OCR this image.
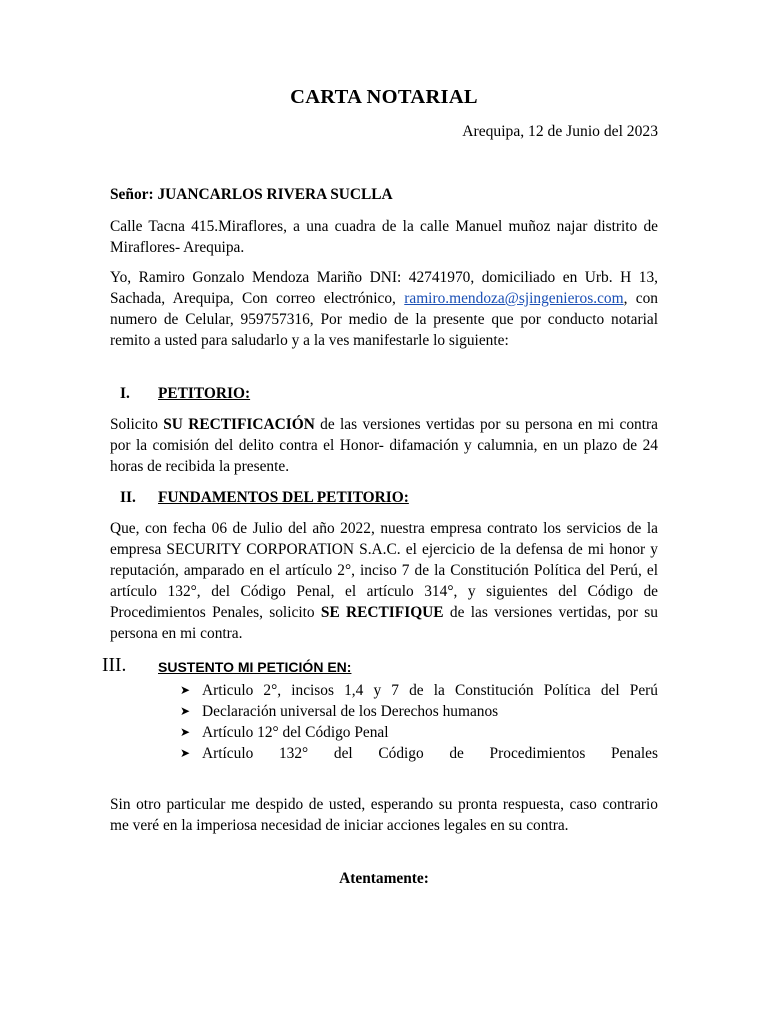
CARTA NOTARIAL
Arequipa, 12 de Junio del 2023
Señor: JUANCARLOS RIVERA SUCLLA
Calle Tacna 415.Miraflores, a una cuadra de la calle Manuel muñoz najar distrito de Miraflores- Arequipa.
Yo, Ramiro Gonzalo Mendoza Mariño DNI: 42741970, domiciliado en Urb. H 13, Sachada, Arequipa, Con correo electrónico, ramiro.mendoza@sjingenieros.com, con numero de Celular, 959757316, Por medio de la presente que por conducto notarial remito a usted para saludarlo y a la ves manifestarle lo siguiente:
I. PETITORIO:
Solicito SU RECTIFICACIÓN de las versiones vertidas por su persona en mi contra por la comisión del delito contra el Honor- difamación y calumnia, en un plazo de 24 horas de recibida la presente.
II. FUNDAMENTOS DEL PETITORIO:
Que, con fecha 06 de Julio del año 2022, nuestra empresa contrato los servicios de la empresa SECURITY CORPORATION S.A.C. el ejercicio de la defensa de mi honor y reputación, amparado en el artículo 2°, inciso 7 de la Constitución Política del Perú, el artículo 132°, del Código Penal, el artículo 314°, y siguientes del Código de Procedimientos Penales, solicito SE RECTIFIQUE de las versiones vertidas, por su persona en mi contra.
III. SUSTENTO MI PETICIÓN EN:
➤ Articulo 2°, incisos 1,4 y 7 de la Constitución Política del Perú
➤ Declaración universal de los Derechos humanos
➤ Artículo 12° del Código Penal
➤ Artículo 132° del Código de Procedimientos Penales
Sin otro particular me despido de usted, esperando su pronta respuesta, caso contrario me veré en la imperiosa necesidad de iniciar acciones legales en su contra.
Atentamente:
